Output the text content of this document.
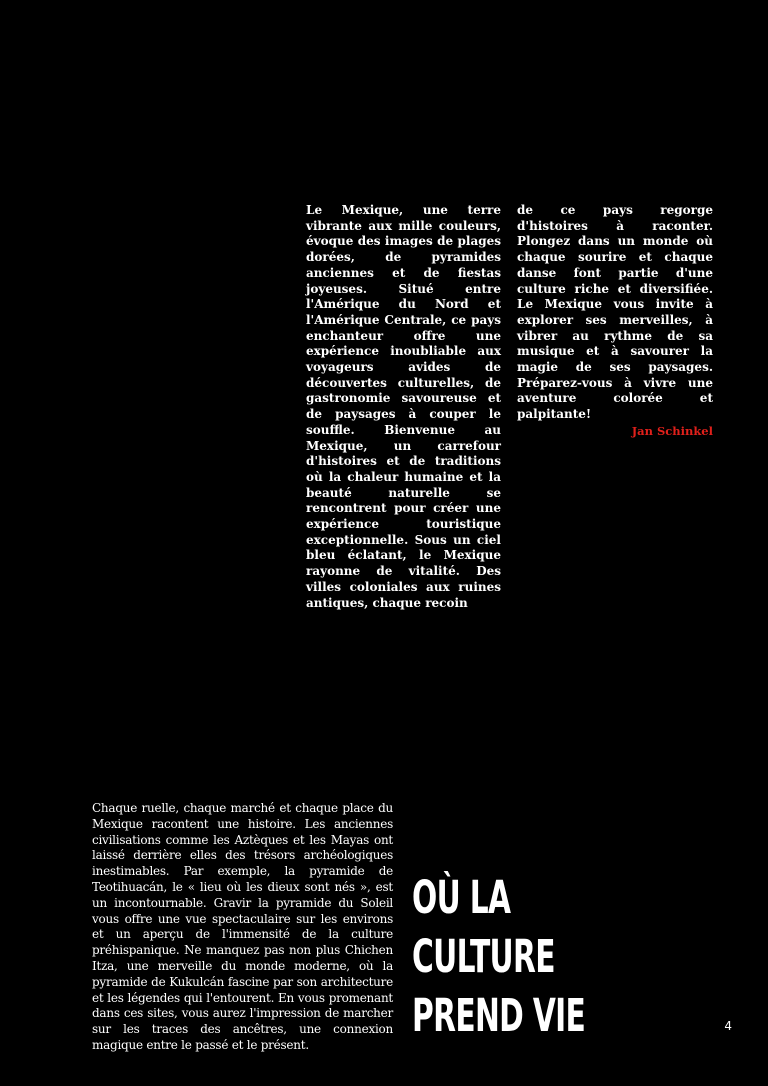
Le Mexique, une terre vibrante aux mille couleurs, évoque des images de plages dorées, de pyramides anciennes et de fiestas joyeuses. Situé entre l'Amérique du Nord et l'Amérique Centrale, ce pays enchanteur offre une expérience inoubliable aux voyageurs avides de découvertes culturelles, de gastronomie savoureuse et de paysages à couper le souffle. Bienvenue au Mexique, un carrefour d'histoires et de traditions où la chaleur humaine et la beauté naturelle se rencontrent pour créer une expérience touristique exceptionnelle. Sous un ciel bleu éclatant, le Mexique rayonne de vitalité. Des villes coloniales aux ruines antiques, chaque recoin
de ce pays regorge d'histoires à raconter. Plongez dans un monde où chaque sourire et chaque danse font partie d'une culture riche et diversifiée. Le Mexique vous invite à explorer ses merveilles, à vibrer au rythme de sa musique et à savourer la magie de ses paysages. Préparez-vous à vivre une aventure colorée et palpitante!
Jan Schinkel
Chaque ruelle, chaque marché et chaque place du Mexique racontent une histoire. Les anciennes civilisations comme les Aztèques et les Mayas ont laissé derrière elles des trésors archéologiques inestimables. Par exemple, la pyramide de Teotihuacán, le « lieu où les dieux sont nés », est un incontournable. Gravir la pyramide du Soleil vous offre une vue spectaculaire sur les environs et un aperçu de l'immensité de la culture préhispanique. Ne manquez pas non plus Chichen Itza, une merveille du monde moderne, où la pyramide de Kukulcán fascine par son architecture et les légendes qui l'entourent. En vous promenant dans ces sites, vous aurez l'impression de marcher sur les traces des ancêtres, une connexion magique entre le passé et le présent.
OÙ LA
CULTURE
PREND VIE	4
